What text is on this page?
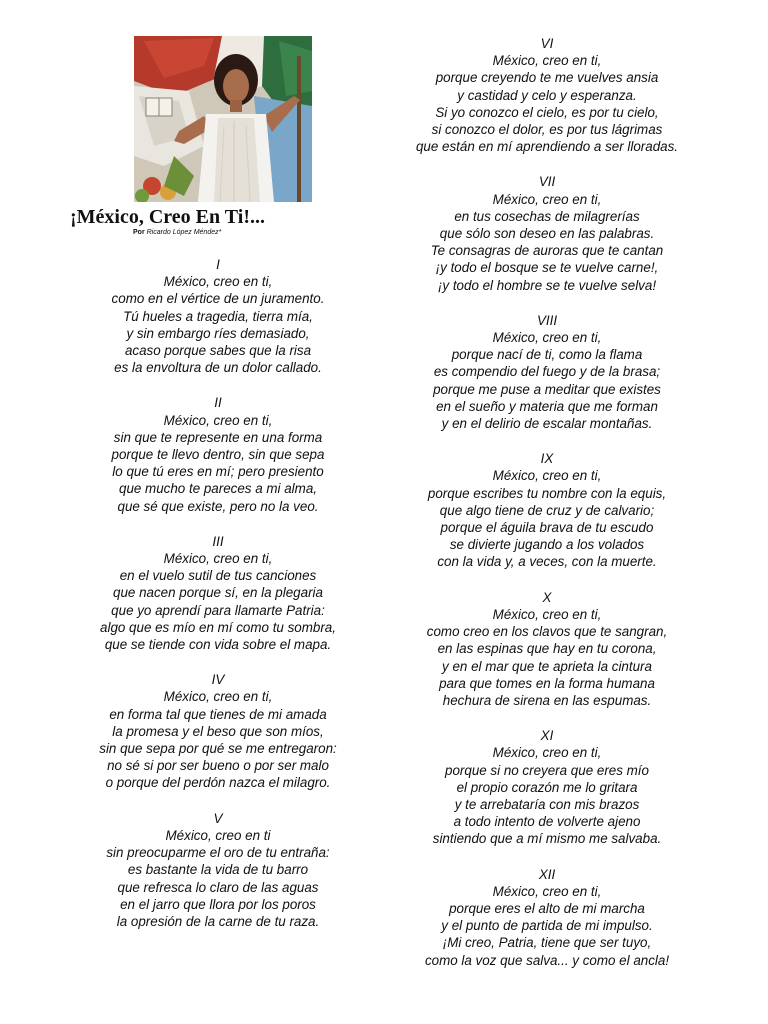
¡México, Creo En Ti!...
Por Ricardo López Méndez*
I
México, creo en ti,
como en el vértice de un juramento.
Tú hueles a tragedia, tierra mía,
y sin embargo ríes demasiado,
acaso porque sabes que la risa
es la envoltura de un dolor callado.
II
México, creo en ti,
sin que te represente en una forma
porque te llevo dentro, sin que sepa
lo que tú eres en mí; pero presiento
que mucho te pareces a mi alma,
que sé que existe, pero no la veo.
III
México, creo en ti,
en el vuelo sutil de tus canciones
que nacen porque sí, en la plegaria
que yo aprendí para llamarte Patria:
algo que es mío en mí como tu sombra,
que se tiende con vida sobre el mapa.
IV
México, creo en ti,
en forma tal que tienes de mi amada
la promesa y el beso que son míos,
sin que sepa por qué se me entregaron:
no sé si por ser bueno o por ser malo
o porque del perdón nazca el milagro.
V
México, creo en ti
sin preocuparme el oro de tu entraña:
es bastante la vida de tu barro
que refresca lo claro de las aguas
en el jarro que llora por los poros
la opresión de la carne de tu raza.
VI
México, creo en ti,
porque creyendo te me vuelves ansia
y castidad y celo y esperanza.
Si yo conozco el cielo, es por tu cielo,
si conozco el dolor, es por tus lágrimas
que están en mí aprendiendo a ser lloradas.
VII
México, creo en ti,
en tus cosechas de milagrerías
que sólo son deseo en las palabras.
Te consagras de auroras que te cantan
¡y todo el bosque se te vuelve carne!,
¡y todo el hombre se te vuelve selva!
VIII
México, creo en ti,
porque nací de ti, como la flama
es compendio del fuego y de la brasa;
porque me puse a meditar que existes
en el sueño y materia que me forman
y en el delirio de escalar montañas.
IX
México, creo en ti,
porque escribes tu nombre con la equis,
que algo tiene de cruz y de calvario;
porque el águila brava de tu escudo
se divierte jugando a los volados
con la vida y, a veces, con la muerte.
X
México, creo en ti,
como creo en los clavos que te sangran,
en las espinas que hay en tu corona,
y en el mar que te aprieta la cintura
para que tomes en la forma humana
hechura de sirena en las espumas.
XI
México, creo en ti,
porque si no creyera que eres mío
el propio corazón me lo gritara
y te arrebataría con mis brazos
a todo intento de volverte ajeno
sintiendo que a mí mismo me salvaba.
XII
México, creo en ti,
porque eres el alto de mi marcha
y el punto de partida de mi impulso.
¡Mi creo, Patria, tiene que ser tuyo,
como la voz que salva... y como el ancla!
